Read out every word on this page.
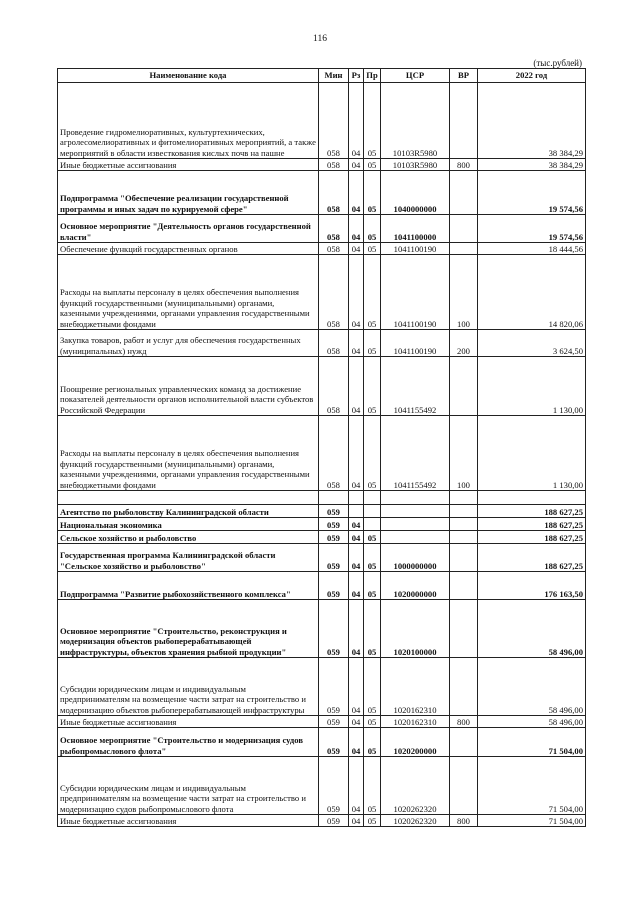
116
(тыс.рублей)
Наименование кода	Мин	Рз	Пр	ЦСР	ВР	2022 год
Проведение гидромелиоративных, культуртехнических, агролесомелиоративных и фитомелиоративных мероприятий, а также мероприятий в области известкования кислых почв на пашне	058	04	05	10103R5980		38 384,29
Иные бюджетные ассигнования	058	04	05	10103R5980	800	38 384,29
Подпрограмма "Обеспечение реализации государственной программы и иных задач по курируемой сфере"	058	04	05	1040000000		19 574,56
Основное мероприятие "Деятельность органов государственной власти"	058	04	05	1041100000		19 574,56
Обеспечение функций государственных органов	058	04	05	1041100190		18 444,56
Расходы на выплаты персоналу в целях обеспечения выполнения функций государственными (муниципальными) органами, казенными учреждениями, органами управления государственными внебюджетными фондами	058	04	05	1041100190	100	14 820,06
Закупка товаров, работ и услуг для обеспечения государственных (муниципальных) нужд	058	04	05	1041100190	200	3 624,50
Поощрение региональных управленческих команд за достижение показателей деятельности органов исполнительной власти субъектов Российской Федерации	058	04	05	1041155492		1 130,00
Расходы на выплаты персоналу в целях обеспечения выполнения функций государственными (муниципальными) органами, казенными учреждениями, органами управления государственными внебюджетными фондами	058	04	05	1041155492	100	1 130,00

Агентство по рыболовству Калининградской области	059					188 627,25
Национальная экономика	059	04				188 627,25
Сельское хозяйство и рыболовство	059	04	05			188 627,25
Государственная программа Калининградской области "Сельское хозяйство и рыболовство"	059	04	05	1000000000		188 627,25
Подпрограмма "Развитие рыбохозяйственного комплекса"	059	04	05	1020000000		176 163,50
Основное мероприятие "Строительство, реконструкция и модернизация объектов рыбоперерабатывающей инфраструктуры, объектов хранения рыбной продукции"	059	04	05	1020100000		58 496,00
Субсидии юридическим лицам и индивидуальным предпринимателям на возмещение части затрат на строительство и модернизацию объектов рыбоперерабатывающей инфраструктуры	059	04	05	1020162310		58 496,00
Иные бюджетные ассигнования	059	04	05	1020162310	800	58 496,00
Основное мероприятие "Строительство и модернизация судов рыбопромыслового флота"	059	04	05	1020200000		71 504,00
Субсидии юридическим лицам и индивидуальным предпринимателям на возмещение части затрат на строительство и модернизацию судов рыбопромыслового флота	059	04	05	1020262320		71 504,00
Иные бюджетные ассигнования	059	04	05	1020262320	800	71 504,00
